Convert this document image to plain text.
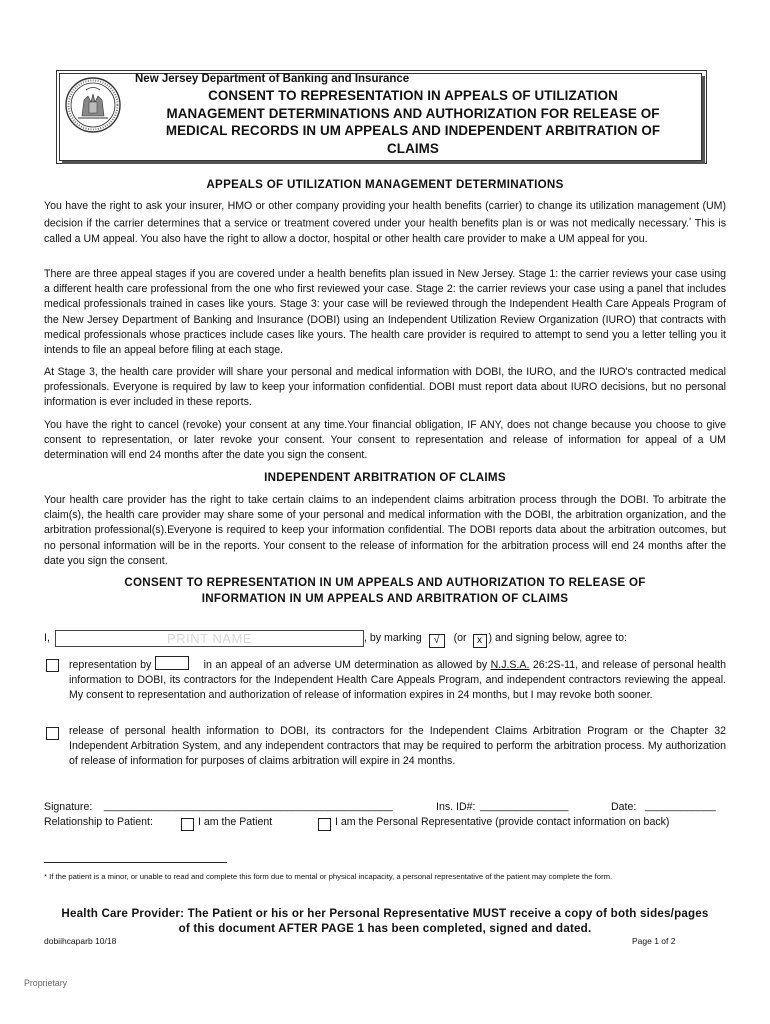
New Jersey Department of Banking and Insurance
CONSENT TO REPRESENTATION IN APPEALS OF UTILIZATION
MANAGEMENT DETERMINATIONS AND AUTHORIZATION FOR RELEASE OF
MEDICAL RECORDS IN UM APPEALS AND INDEPENDENT ARBITRATION OF
CLAIMS
APPEALS OF UTILIZATION MANAGEMENT DETERMINATIONS

You have the right to ask your insurer, HMO or other company providing your health benefits (carrier) to change its utilization management (UM) decision if the carrier determines that a service or treatment covered under your health benefits plan is or was not medically necessary.* This is called a UM appeal. You also have the right to allow a doctor, hospital or other health care provider to make a UM appeal for you.

There are three appeal stages if you are covered under a health benefits plan issued in New Jersey. Stage 1: the carrier reviews your case using a different health care professional from the one who first reviewed your case. Stage 2: the carrier reviews your case using a panel that includes medical professionals trained in cases like yours. Stage 3: your case will be reviewed through the Independent Health Care Appeals Program of the New Jersey Department of Banking and Insurance (DOBI) using an Independent Utilization Review Organization (IURO) that contracts with medical professionals whose practices include cases like yours. The health care provider is required to attempt to send you a letter telling you it intends to file an appeal before filing at each stage.

At Stage 3, the health care provider will share your personal and medical information with DOBI, the IURO, and the IURO's contracted medical professionals. Everyone is required by law to keep your information confidential. DOBI must report data about IURO decisions, but no personal information is ever included in these reports.

You have the right to cancel (revoke) your consent at any time.Your financial obligation, IF ANY, does not change because you choose to give consent to representation, or later revoke your consent. Your consent to representation and release of information for appeal of a UM determination will end 24 months after the date you sign the consent.

INDEPENDENT ARBITRATION OF CLAIMS

Your health care provider has the right to take certain claims to an independent claims arbitration process through the DOBI. To arbitrate the claim(s), the health care provider may share some of your personal and medical information with the DOBI, the arbitration organization, and the arbitration professional(s).Everyone is required to keep your information confidential. The DOBI reports data about the arbitration outcomes, but no personal information will be in the reports. Your consent to the release of information for the arbitration process will end 24 months after the date you sign the consent.

CONSENT TO REPRESENTATION IN UM APPEALS AND AUTHORIZATION TO RELEASE OF
INFORMATION IN UM APPEALS AND ARBITRATION OF CLAIMS
I,	PRINT NAME	, by marking √ (or x ) and signing below, agree to:

representation by	in an appeal of an adverse UM determination as allowed by N.J.S.A. 26:2S-11, and release of personal health information to DOBI, its contractors for the Independent Health Care Appeals Program, and independent contractors reviewing the appeal. My consent to representation and authorization of release of information expires in 24 months, but I may revoke both sooner.

release of personal health information to DOBI, its contractors for the Independent Claims Arbitration Program or the Chapter 32 Independent Arbitration System, and any independent contractors that may be required to perform the arbitration process. My authorization of release of information for purposes of claims arbitration will expire in 24 months.

Signature: _________________________________________________	Ins. ID#: _______________	Date: ____________
Relationship to Patient:	I am the Patient	I am the Personal Representative (provide contact information on back)
* If the patient is a minor, or unable to read and complete this form due to mental or physical incapacity, a personal representative of the patient may complete the form.
Health Care Provider: The Patient or his or her Personal Representative MUST receive a copy of both sides/pages
of this document AFTER PAGE 1 has been completed, signed and dated.
dobiihcaparb 10/18	Page 1 of 2
Proprietary
